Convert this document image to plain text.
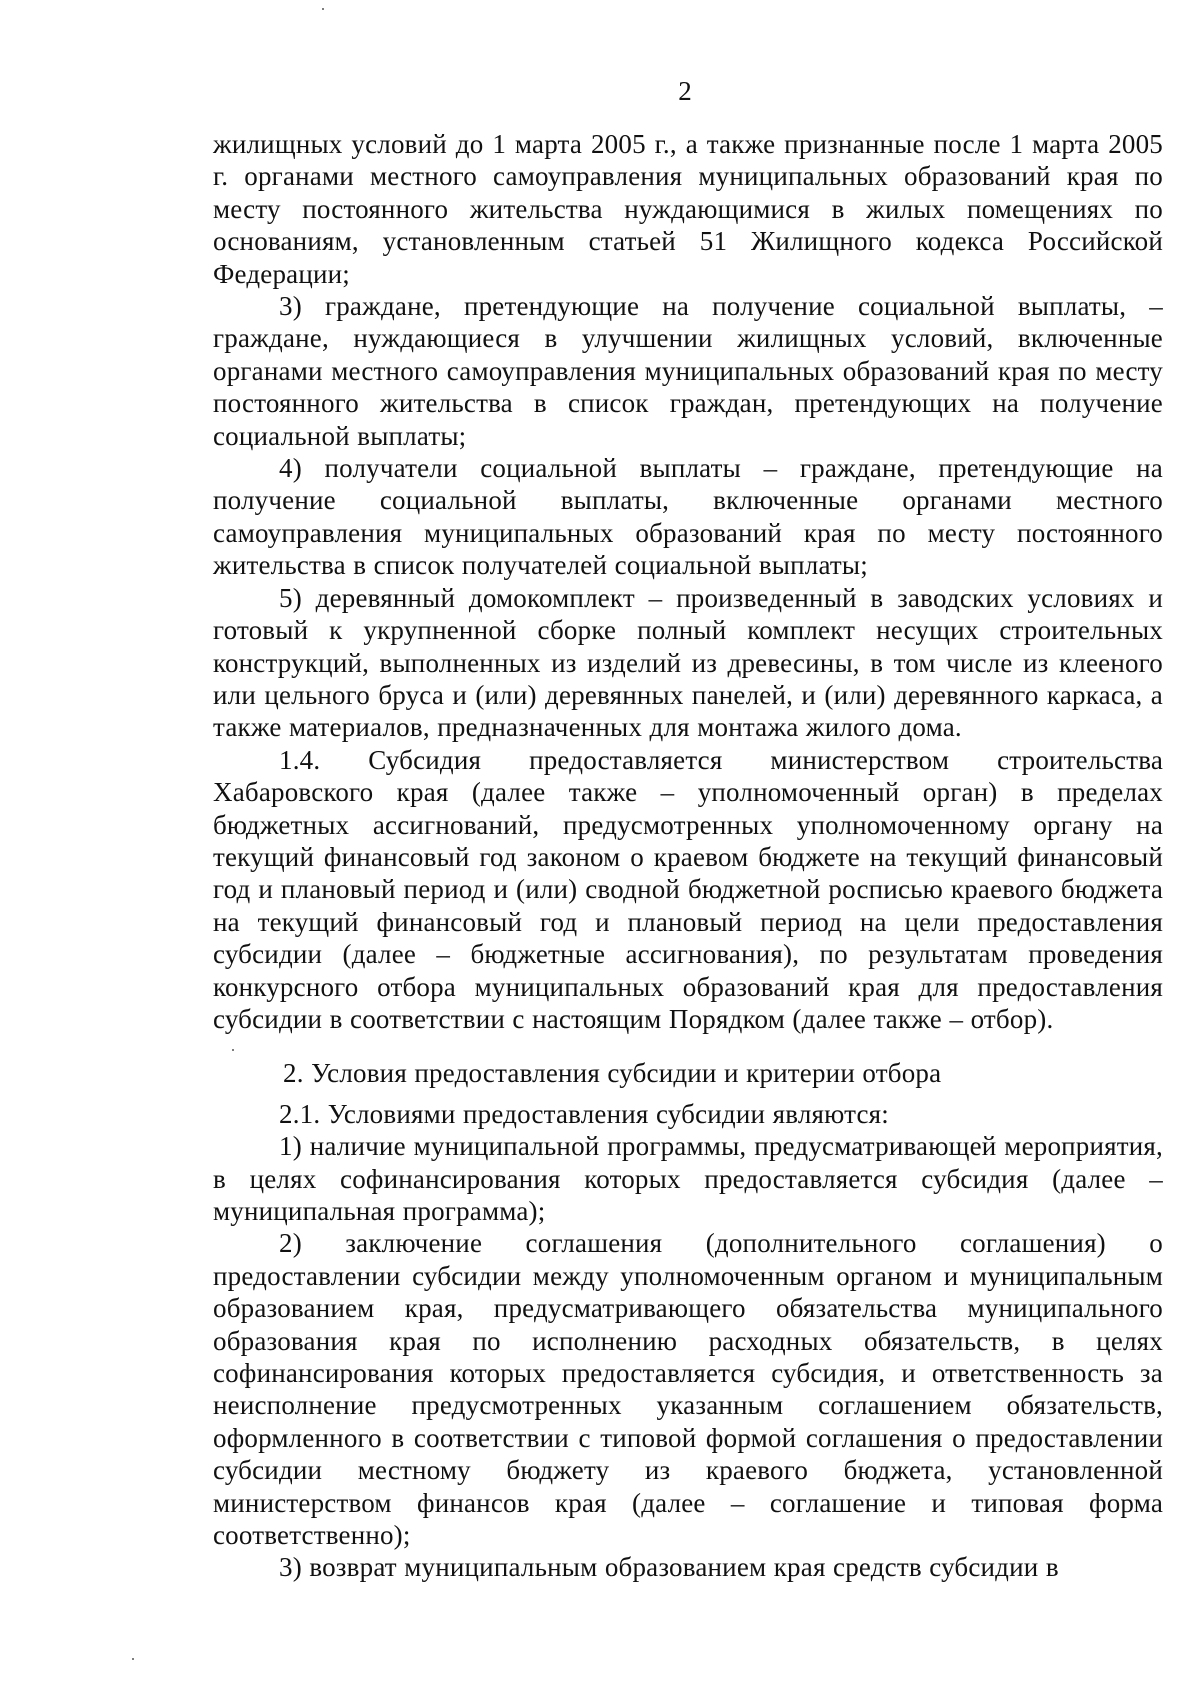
2

жилищных условий до 1 марта 2005 г., а также признанные после 1 марта 2005 г. органами местного самоуправления муниципальных образований края по месту постоянного жительства нуждающимися в жилых помещениях по основаниям, установленным статьей 51 Жилищного кодекса Российской Федерации;

3) граждане, претендующие на получение социальной выплаты, – граждане, нуждающиеся в улучшении жилищных условий, включенные органами местного самоуправления муниципальных образований края по месту постоянного жительства в список граждан, претендующих на получение социальной выплаты;

4) получатели социальной выплаты – граждане, претендующие на получение социальной выплаты, включенные органами местного самоуправления муниципальных образований края по месту постоянного жительства в список получателей социальной выплаты;

5) деревянный домокомплект – произведенный в заводских условиях и готовый к укрупненной сборке полный комплект несущих строительных конструкций, выполненных из изделий из древесины, в том числе из клееного или цельного бруса и (или) деревянных панелей, и (или) деревянного каркаса, а также материалов, предназначенных для монтажа жилого дома.

1.4. Субсидия предоставляется министерством строительства Хабаровского края (далее также – уполномоченный орган) в пределах бюджетных ассигнований, предусмотренных уполномоченному органу на текущий финансовый год законом о краевом бюджете на текущий финансовый год и плановый период и (или) сводной бюджетной росписью краевого бюджета на текущий финансовый год и плановый период на цели предоставления субсидии (далее – бюджетные ассигнования), по результатам проведения конкурсного отбора муниципальных образований края для предоставления субсидии в соответствии с настоящим Порядком (далее также – отбор).

2. Условия предоставления субсидии и критерии отбора

2.1. Условиями предоставления субсидии являются:

1) наличие муниципальной программы, предусматривающей мероприятия, в целях софинансирования которых предоставляется субсидия (далее – муниципальная программа);

2) заключение соглашения (дополнительного соглашения) о предоставлении субсидии между уполномоченным органом и муниципальным образованием края, предусматривающего обязательства муниципального образования края по исполнению расходных обязательств, в целях софинансирования которых предоставляется субсидия, и ответственность за неисполнение предусмотренных указанным соглашением обязательств, оформленного в соответствии с типовой формой соглашения о предоставлении субсидии местному бюджету из краевого бюджета, установленной министерством финансов края (далее – соглашение и типовая форма соответственно);

3) возврат муниципальным образованием края средств субсидии в
